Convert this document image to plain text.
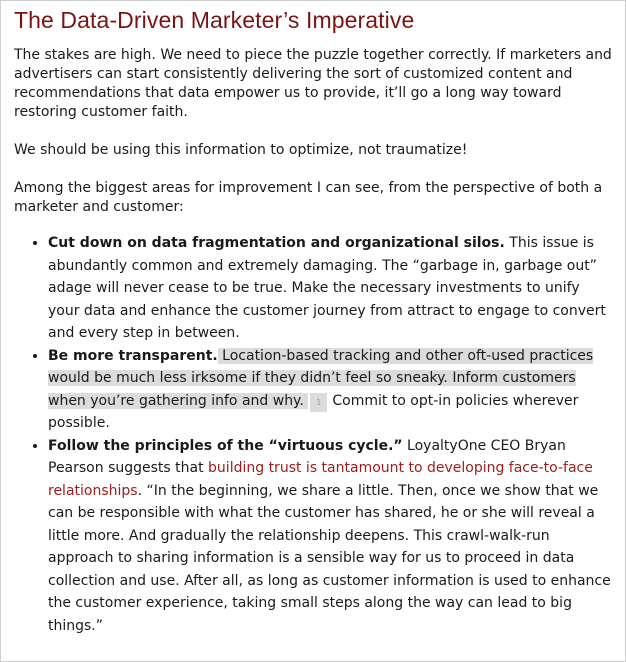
The Data-Driven Marketer’s Imperative

The stakes are high. We need to piece the puzzle together correctly. If marketers and advertisers can start consistently delivering the sort of customized content and recommendations that data empower us to provide, it’ll go a long way toward restoring customer faith.

We should be using this information to optimize, not traumatize!

Among the biggest areas for improvement I can see, from the perspective of both a marketer and customer:

• Cut down on data fragmentation and organizational silos. This issue is abundantly common and extremely damaging. The “garbage in, garbage out” adage will never cease to be true. Make the necessary investments to unify your data and enhance the customer journey from attract to engage to convert and every step in between.
• Be more transparent. Location-based tracking and other oft-used practices would be much less irksome if they didn’t feel so sneaky. Inform customers when you’re gathering info and why. 1 Commit to opt-in policies wherever possible.
• Follow the principles of the “virtuous cycle.” LoyaltyOne CEO Bryan Pearson suggests that building trust is tantamount to developing face-to-face relationships. “In the beginning, we share a little. Then, once we show that we can be responsible with what the customer has shared, he or she will reveal a little more. And gradually the relationship deepens. This crawl-walk-run approach to sharing information is a sensible way for us to proceed in data collection and use. After all, as long as customer information is used to enhance the customer experience, taking small steps along the way can lead to big things.”
